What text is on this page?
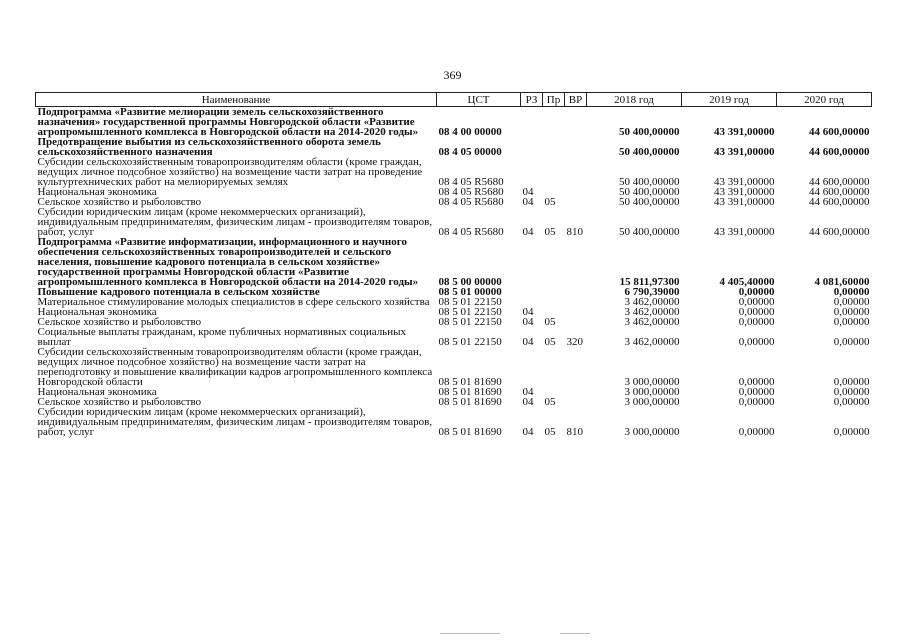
369
Наименование	ЦСТ	РЗ	Пр	ВР	2018 год	2019 год	2020 год
Подпрограмма «Развитие мелиорации земель сельскохозяйственного назначения» государственной программы Новгородской области «Развитие агропромышленного комплекса в Новгородской области на 2014-2020 годы»	08 4 00 00000				50 400,00000	43 391,00000	44 600,00000
Предотвращение выбытия из сельскохозяйственного оборота земель сельскохозяйственного назначения	08 4 05 00000				50 400,00000	43 391,00000	44 600,00000
Субсидии сельскохозяйственным товаропроизводителям области (кроме граждан, ведущих личное подсобное хозяйство) на возмещение части затрат на проведение культуртехнических работ на мелиорируемых землях	08 4 05 R5680				50 400,00000	43 391,00000	44 600,00000
Национальная экономика	08 4 05 R5680	04			50 400,00000	43 391,00000	44 600,00000
Сельское хозяйство и рыболовство	08 4 05 R5680	04	05		50 400,00000	43 391,00000	44 600,00000
Субсидии юридическим лицам (кроме некоммерческих организаций), индивидуальным предпринимателям, физическим лицам - производителям товаров, работ, услуг	08 4 05 R5680	04	05	810	50 400,00000	43 391,00000	44 600,00000
Подпрограмма «Развитие информатизации, информационного и научного обеспечения сельскохозяйственных товаропроизводителей и сельского населения, повышение кадрового потенциала в сельском хозяйстве» государственной программы Новгородской области «Развитие агропромышленного комплекса в Новгородской области на 2014-2020 годы»	08 5 00 00000				15 811,97300	4 405,40000	4 081,60000
Повышение кадрового потенциала в сельском хозяйстве	08 5 01 00000				6 790,39000	0,00000	0,00000
Материальное стимулирование молодых специалистов в сфере сельского хозяйства	08 5 01 22150				3 462,00000	0,00000	0,00000
Национальная экономика	08 5 01 22150	04			3 462,00000	0,00000	0,00000
Сельское хозяйство и рыболовство	08 5 01 22150	04	05		3 462,00000	0,00000	0,00000
Социальные выплаты гражданам, кроме публичных нормативных социальных выплат	08 5 01 22150	04	05	320	3 462,00000	0,00000	0,00000
Субсидии сельскохозяйственным товаропроизводителям области (кроме граждан, ведущих личное подсобное хозяйство) на возмещение части затрат на переподготовку и повышение квалификации кадров агропромышленного комплекса Новгородской области	08 5 01 81690				3 000,00000	0,00000	0,00000
Национальная экономика	08 5 01 81690	04			3 000,00000	0,00000	0,00000
Сельское хозяйство и рыболовство	08 5 01 81690	04	05		3 000,00000	0,00000	0,00000
Субсидии юридическим лицам (кроме некоммерческих организаций), индивидуальным предпринимателям, физическим лицам - производителям товаров, работ, услуг	08 5 01 81690	04	05	810	3 000,00000	0,00000	0,00000
